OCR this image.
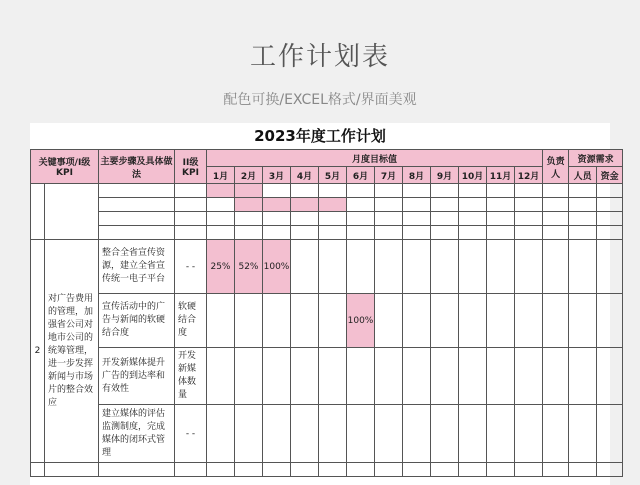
工作计划表
配色可换/EXCEL格式/界面美观
2023年度工作计划
关键事项/I级KPI		主要步骤及具体做法	II级KPI	月度目标值												负责人	资源需求		
				1月	2月	3月	4月	5月	6月	7月	8月	9月	10月	11月	12月		人员	资金	

2	对广告费用的管理，加强省公司对地市公司的统筹管理，进一步发挥新闻与市场片的整合效应	整合全省宣传资源，建立全省宣传统一电子平台	- -	25%	52%	100%													
		宣传活动中的广告与新闻的软硬结合度	软硬结合度						100%										
		开发新媒体提升广告的到达率和有效性	开发新媒体数量																
		建立媒体的评估监测制度，完成媒体的闭环式管理	- -																
